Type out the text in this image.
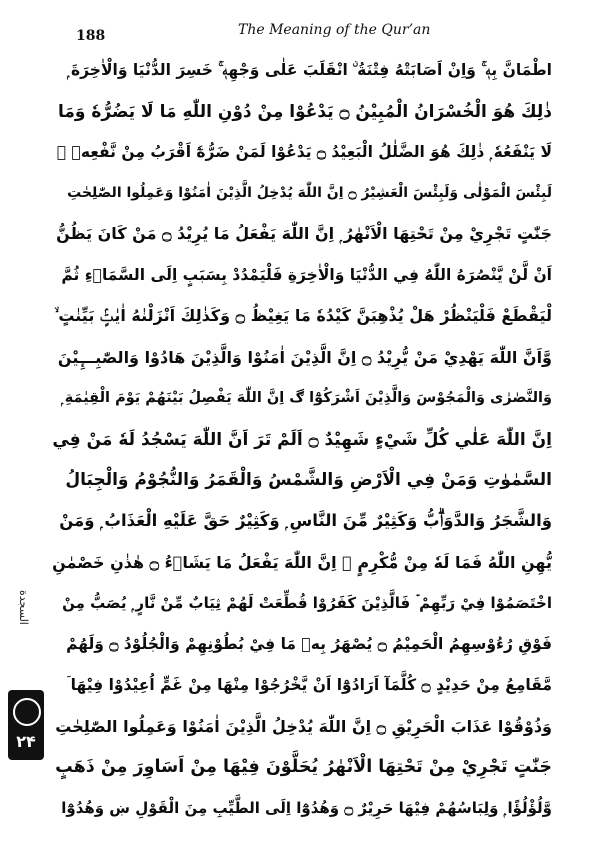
188	The Meaning of the Qur’an
اطْمَانَّ بِهٖ ۚ وَاِنْ اَصَابَتْهُ فِتْنَةُ ۨ انْقَلَبَ عَلٰى وَجْهِهٖ ۚ خَسِرَ الدُّنْيَا وَالْاٰخِرَةَ ۭ
ذٰلِكَ هُوَ الْخُسْرَانُ الْمُبِيْنُ ۝ يَدْعُوْا مِنْ دُوْنِ اللّٰهِ مَا لَا يَضُرُّهٗ وَمَا
لَا يَنْفَعُهٗ ۭ ذٰلِكَ هُوَ الضَّلٰلُ الْبَعِيْدُ ۝ يَدْعُوْا لَمَنْ ضَرُّهٗٓ اَقْرَبُ مِنْ نَّفْعِهٖ ۭ
لَبِئْسَ الْمَوْلٰى وَلَبِئْسَ الْعَشِيْرُ ۝ اِنَّ اللّٰهَ يُدْخِلُ الَّذِيْنَ اٰمَنُوْا وَعَمِلُوا الصّٰلِحٰتِ
جَنّٰتٍ تَجْرِيْ مِنْ تَحْتِهَا الْاَنْهٰرُ ۭ اِنَّ اللّٰهَ يَفْعَلُ مَا يُرِيْدُ ۝ مَنْ كَانَ يَظُنُّ
اَنْ لَّنْ يَّنْصُرَهُ اللّٰهُ فِي الدُّنْيَا وَالْاٰخِرَةِ فَلْيَمْدُدْ بِسَبَبٍ اِلَى السَّمَاۗءِ ثُمَّ
لْيَقْطَعْ فَلْيَنْظُرْ هَلْ يُذْهِبَنَّ كَيْدُهٗ مَا يَغِيْظُ ۝ وَكَذٰلِكَ اَنْزَلْنٰهُ اٰيٰتٍۢ بَيِّنٰتٍ ۙ
وَّاَنَّ اللّٰهَ يَهْدِيْ مَنْ يُّرِيْدُ ۝ اِنَّ الَّذِيْنَ اٰمَنُوْا وَالَّذِيْنَ هَادُوْا وَالصّٰبِـــِٕيْنَ
وَالنَّصٰرٰى وَالْمَجُوْسَ وَالَّذِيْنَ اَشْرَكُوْٓا ڰ اِنَّ اللّٰهَ يَفْصِلُ بَيْنَهُمْ يَوْمَ الْقِيٰمَةِ ۭ
اِنَّ اللّٰهَ عَلٰي كُلِّ شَيْءٍ شَهِيْدٌ ۝ اَلَمْ تَرَ اَنَّ اللّٰهَ يَسْجُدُ لَهٗ مَنْ فِي
السَّمٰوٰتِ وَمَنْ فِي الْاَرْضِ وَالشَّمْسُ وَالْقَمَرُ وَالنُّجُوْمُ وَالْجِبَالُ
وَالشَّجَرُ وَالدَّوَاۗبُّ وَكَثِيْرٌ مِّنَ النَّاسِ ۭ وَكَثِيْرٌ حَقَّ عَلَيْهِ الْعَذَابُ ۭ وَمَنْ
يُّهِنِ اللّٰهُ فَمَا لَهٗ مِنْ مُّكْرِمٍ ۭ اِنَّ اللّٰهَ يَفْعَلُ مَا يَشَاۗءُ ۝ ھٰذٰنِ خَصْمٰنِ
اخْتَصَمُوْا فِيْ رَبِّهِمْ ۡ فَالَّذِيْنَ كَفَرُوْا قُطِّعَتْ لَهُمْ ثِيَابٌ مِّنْ نَّارٍ ۭ يُصَبُّ مِنْ
فَوْقِ رُءُوْسِهِمُ الْحَمِيْمُ ۝ يُصْهَرُ بِهٖ مَا فِيْ بُطُوْنِهِمْ وَالْجُلُوْدُ ۝ وَلَهُمْ
مَّقَامِعُ مِنْ حَدِيْدٍ ۝ كُلَّمَآ اَرَادُوْٓا اَنْ يَّخْرُجُوْا مِنْهَا مِنْ غَمٍّ اُعِيْدُوْا فِيْهَا ۤ
وَذُوْقُوْا عَذَابَ الْحَرِيْقِ ۝ اِنَّ اللّٰهَ يُدْخِلُ الَّذِيْنَ اٰمَنُوْا وَعَمِلُوا الصّٰلِحٰتِ
جَنّٰتٍ تَجْرِيْ مِنْ تَحْتِهَا الْاَنْهٰرُ يُحَلَّوْنَ فِيْهَا مِنْ اَسَاوِرَ مِنْ ذَهَبٍ
وَّلُؤْلُؤًا ۭ وَلِبَاسُهُمْ فِيْهَا حَرِيْرٌ ۝ وَهُدُوْٓا اِلَى الطَّيِّبِ مِنَ الْقَوْلِ ښ وَهُدُوْٓا
السجدة
۲۴
